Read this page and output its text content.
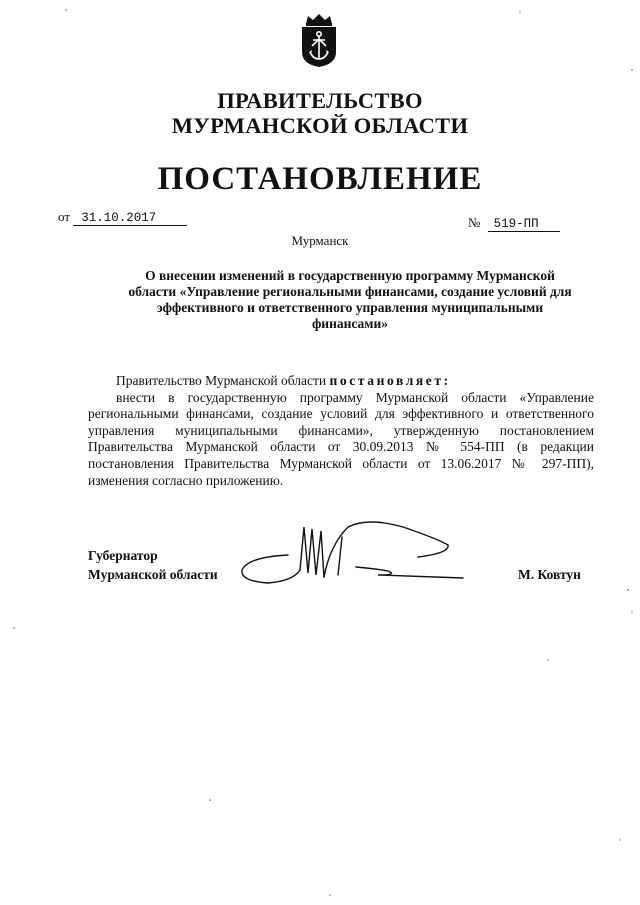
ПРАВИТЕЛЬСТВО
МУРМАНСКОЙ ОБЛАСТИ
ПОСТАНОВЛЕНИЕ
от 31.10.2017	№ 519-ПП
Мурманск
О внесении изменений в государственную программу Мурманской
области «Управление региональными финансами, создание условий для
эффективного и ответственного управления муниципальными
финансами»

Правительство Мурманской области постановляет:

внести в государственную программу Мурманской области «Управление региональными финансами, создание условий для эффективного и ответственного управления муниципальными финансами», утвержденную постановлением Правительства Мурманской области от 30.09.2013 № 554-ПП (в редакции постановления Правительства Мурманской области от 13.06.2017 № 297-ПП), изменения согласно приложению.

Губернатор
Мурманской области	М. Ковтун
